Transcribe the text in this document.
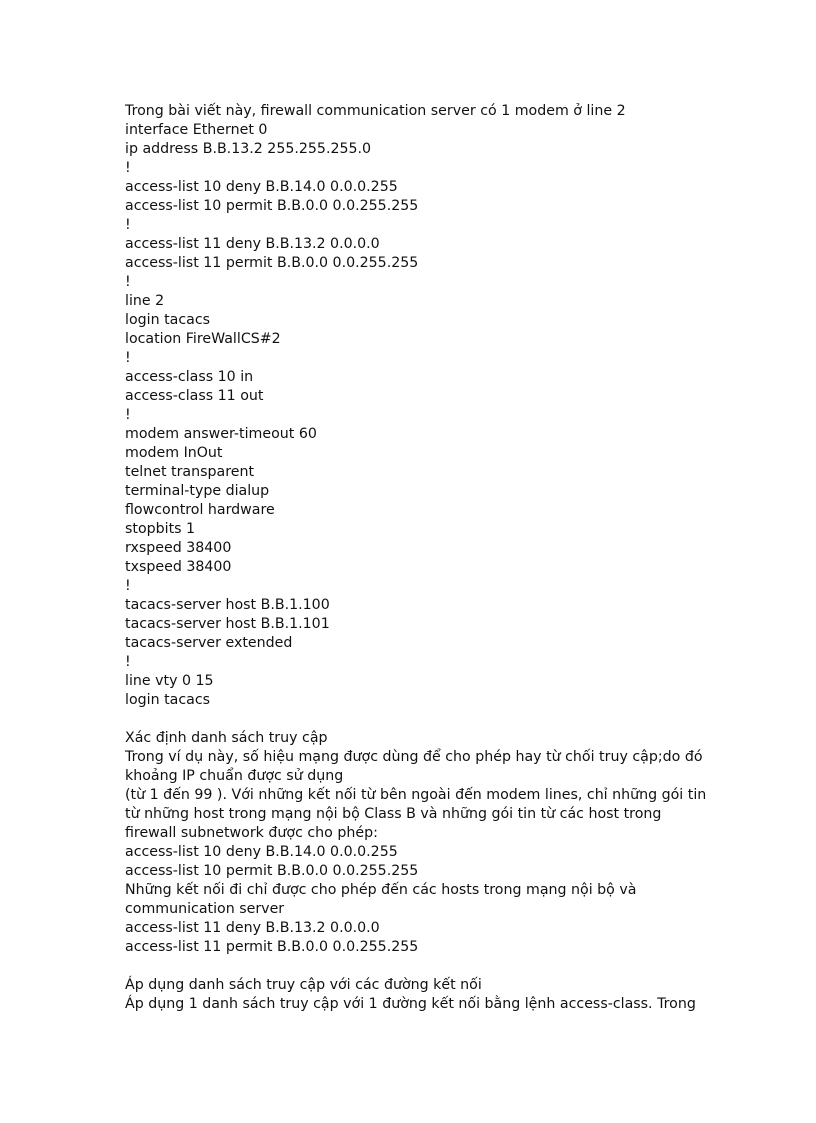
Trong bài viết này, firewall communication server có 1 modem ở line 2
interface Ethernet 0
ip address B.B.13.2 255.255.255.0
!
access-list 10 deny B.B.14.0 0.0.0.255
access-list 10 permit B.B.0.0 0.0.255.255
!
access-list 11 deny B.B.13.2 0.0.0.0
access-list 11 permit B.B.0.0 0.0.255.255
!
line 2
login tacacs
location FireWallCS#2
!
access-class 10 in
access-class 11 out
!
modem answer-timeout 60
modem InOut
telnet transparent
terminal-type dialup
flowcontrol hardware
stopbits 1
rxspeed 38400
txspeed 38400
!
tacacs-server host B.B.1.100
tacacs-server host B.B.1.101
tacacs-server extended
!
line vty 0 15
login tacacs
Xác định danh sách truy cập
Trong ví dụ này, số hiệu mạng được dùng để cho phép hay từ chối truy cập;do đó
khoảng IP chuẩn được sử dụng
(từ 1 đến 99 ). Với những kết nối từ bên ngoài đến modem lines, chỉ những gói tin
từ những host trong mạng nội bộ Class B và những gói tin từ các host trong
firewall subnetwork được cho phép:
access-list 10 deny B.B.14.0 0.0.0.255
access-list 10 permit B.B.0.0 0.0.255.255
Những kết nối đi chỉ được cho phép đến các hosts trong mạng nội bộ và
communication server
access-list 11 deny B.B.13.2 0.0.0.0
access-list 11 permit B.B.0.0 0.0.255.255
Áp dụng danh sách truy cập với các đường kết nối
Áp dụng 1 danh sách truy cập với 1 đường kết nối bằng lệnh access-class. Trong
